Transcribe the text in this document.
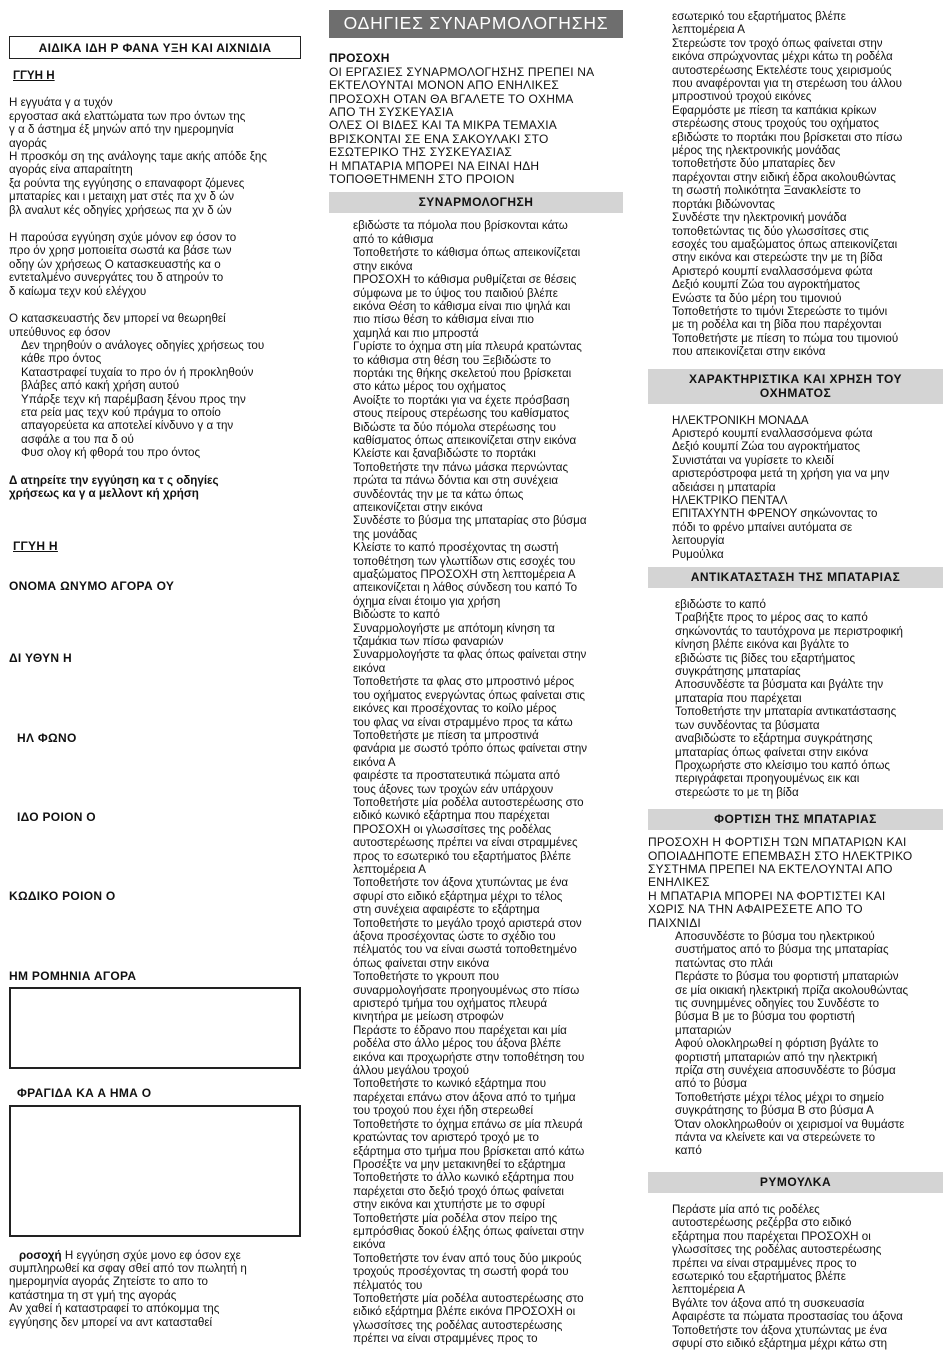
ΑΙΔΙΚΑ ΙΔΗ Ρ ΦΑΝΑ ΥΞΗ ΚΑΙ ΑΙΧΝΙΔΙΑ

ΓΓΥΗ Η

Η εγγυάτα γ α τυχόν
εργοστασ ακά ελαττώματα των προ όντων της
γ α δ άστημα έξ μηνών από την ημερομηνία
αγοράς
Η προσκόμ ση της ανάλογης ταμε ακής απόδε ξης
αγοράς είνα απαραίτητη
ξα ρούντα της εγγύησης ο επαναφορτ ζόμενες
μπαταρίες και ι μεταιχη ματ στές πα χν δ ών
βλ αναλυτ κές οδηγίες χρήσεως πα χν δ ών
Η παρούσα εγγύηση σχύε μόνον εφ όσον το
προ όν χρησ μοποιείτα σωστά κα βάσε των
οδηγ ών χρήσεως Ο κατασκευαστής κα ο
εντεταλμένο συνεργάτες του δ ατηρούν το
δ καίωμα τεχν κού ελέγχου
Ο κατασκευαστής δεν μπορεί να θεωρηθεί
υπεύθυνος εφ όσον
Δεν τηρηθούν ο ανάλογες οδηγίες χρήσεως του
κάθε προ όντος
Καταστραφεί τυχαία το προ όν ή προκληθούν
βλάβες από κακή χρήση αυτού
Υπάρξε τεχν κή παρέμβαση ξένου προς την
ετα ρεία μας τεχν κού πράγμα το οποίο
απαγορεύετα κα αποτελεί κίνδυνο γ α την
ασφάλε α του πα δ ού
Φυσ ολογ κή φθορά του προ όντος
Δ ατηρείτε την εγγύηση κα τ ς οδηγίες
χρήσεως κα γ α μελλοντ κή χρήση

ΓΓΥΗ Η

ΟΝΟΜΑ ΩΝΥΜΟ ΑΓΟΡΑ ΟΥ

ΔΙ ΥΘΥΝ Η

ΗΛ ΦΩΝΟ

ΙΔΟ ΡΟΙΟΝ Ο

ΚΩΔΙΚΟ ΡΟΙΟΝ Ο

ΗΜ ΡΟΜΗΝΙΑ ΑΓΟΡΑ

ΦΡΑΓΙΔΑ ΚΑ Α ΗΜΑ Ο

ροσοχή Η εγγύηση σχύε μονο εφ όσον εχε

συμπληρωθεί κα σφαγ σθεί από τον πωλητή η
ημερομηνία αγοράς Ζητείστε το απο το
κατάστημα τη στ γμή της αγοράς
Αν χαθεί ή καταστραφεί το απόκομμα της
εγγύησης δεν μπορεί να αντ κατασταθεί
ΟΔΗΓΙΕΣ ΣΥΝΑΡΜΟΛΟΓΗΣΗΣ

ΠΡΟΣΟΧΗ

ΟΙ ΕΡΓΑΣΙΕΣ ΣΥΝΑΡΜΟΛΟΓΗΣΗΣ ΠΡΕΠΕΙ ΝΑ
ΕΚΤΕΛΟΥΝΤΑΙ ΜΟΝΟΝ ΑΠΟ ΕΝΗΛΙΚΕΣ
ΠΡΟΣΟΧΗ ΟΤΑΝ ΘΑ ΒΓΑΛΕΤΕ ΤΟ ΟΧΗΜΑ
ΑΠΟ ΤΗ ΣΥΣΚΕΥΑΣΙΑ
ΟΛΕΣ ΟΙ ΒΙΔΕΣ ΚΑΙ ΤΑ ΜΙΚΡΑ ΤΕΜΑΧΙΑ
ΒΡΙΣΚΟΝΤΑΙ ΣΕ ΕΝΑ ΣΑΚΟΥΛΑΚΙ ΣΤΟ
ΕΣΩΤΕΡΙΚΟ ΤΗΣ ΣΥΣΚΕΥΑΣΙΑΣ
Η ΜΠΑΤΑΡΙΑ ΜΠΟΡΕΙ ΝΑ ΕΙΝΑΙ ΗΔΗ
ΤΟΠΟΘΕΤΗΜΕΝΗ ΣΤΟ ΠΡΟΙΟΝ
ΣΥΝΑΡΜΟΛΟΓΗΣΗ
εβιδώστε τα πόμολα που βρίσκονται κάτω
από το κάθισμα
Τοποθετήστε το κάθισμα όπως απεικονίζεται
στην εικόνα
ΠΡΟΣΟΧΗ το κάθισμα ρυθμίζεται σε θέσεις
σύμφωνα με το ύψος του παιδιού βλέπε
εικόνα Θέση το κάθισμα είναι πιο ψηλά και
πιο πίσω θέση το κάθισμα είναι πιο
χαμηλά και πιο μπροστά
Γυρίστε το όχημα στη μία πλευρά κρατώντας
το κάθισμα στη θέση του Ξεβιδώστε το
πορτάκι της θήκης σκελετού που βρίσκεται
στο κάτω μέρος του οχήματος
Ανοίξτε το πορτάκι για να έχετε πρόσβαση
στους πείρους στερέωσης του καθίσματος
Βιδώστε τα δύο πόμολα στερέωσης του
καθίσματος όπως απεικονίζεται στην εικόνα
Κλείστε και ξαναβιδώστε το πορτάκι
Τοποθετήστε την πάνω μάσκα περνώντας
πρώτα τα πάνω δόντια και στη συνέχεια
συνδέοντάς την με τα κάτω όπως
απεικονίζεται στην εικόνα
Συνδέστε το βύσμα της μπαταρίας στο βύσμα
της μονάδας
Κλείστε το καπό προσέχοντας τη σωστή
τοποθέτηση των γλωττίδων στις εσοχές του
αμαξώματος ΠΡΟΣΟΧΗ στη λεπτομέρεια Α
απεικονίζεται η λάθος σύνδεση του καπό Το
όχημα είναι έτοιμο για χρήση
Βιδώστε το καπό
Συναρμολογήστε με απότομη κίνηση τα
τζαμάκια των πίσω φαναριών
Συναρμολογήστε τα φλας όπως φαίνεται στην
εικόνα
Τοποθετήστε τα φλας στο μπροστινό μέρος
του οχήματος ενεργώντας όπως φαίνεται στις
εικόνες και προσέχοντας το κοίλο μέρος
του φλας να είναι στραμμένο προς τα κάτω
Τοποθετήστε με πίεση τα μπροστινά
φανάρια με σωστό τρόπο όπως φαίνεται στην
εικόνα Α
φαιρέστε τα προστατευτικά πώματα από
τους άξονες των τροχών εάν υπάρχουν
Τοποθετήστε μία ροδέλα αυτοστερέωσης στο
ειδικό κωνικό εξάρτημα που παρέχεται
ΠΡΟΣΟΧΗ οι γλωσσίτσες της ροδέλας
αυτοστερέωσης πρέπει να είναι στραμμένες
προς το εσωτερικό του εξαρτήματος βλέπε
λεπτομέρεια Α
Τοποθετήστε τον άξονα χτυπώντας με ένα
σφυρί στο ειδικό εξάρτημα μέχρι το τέλος
στη συνέχεια αφαιρέστε το εξάρτημα
Τοποθετήστε το μεγάλο τροχό αριστερά στον
άξονα προσέχοντας ώστε το σχέδιο του
πέλματός του να είναι σωστά τοποθετημένο
όπως φαίνεται στην εικόνα
Τοποθετήστε το γκρουπ που
συναρμολογήσατε προηγουμένως στο πίσω
αριστερό τμήμα του οχήματος πλευρά
κινητήρα με μείωση στροφών
Περάστε το έδρανο που παρέχεται και μία
ροδέλα στο άλλο μέρος του άξονα βλέπε
εικόνα και προχωρήστε στην τοποθέτηση του
άλλου μεγάλου τροχού
Τοποθετήστε το κωνικό εξάρτημα που
παρέχεται επάνω στον άξονα από το τμήμα
του τροχού που έχει ήδη στερεωθεί
Τοποθετήστε το όχημα επάνω σε μία πλευρά
κρατώντας τον αριστερό τροχό με το
εξάρτημα στο τμήμα που βρίσκεται από κάτω
Προσέξτε να μην μετακινηθεί το εξάρτημα
Τοποθετήστε το άλλο κωνικό εξάρτημα που
παρέχεται στο δεξιό τροχό όπως φαίνεται
στην εικόνα και χτυπήστε με το σφυρί
Τοποθετήστε μία ροδέλα στον πείρο της
εμπρόσθιας δοκού έλξης όπως φαίνεται στην
εικόνα
Τοποθετήστε τον έναν από τους δύο μικρούς
τροχούς προσέχοντας τη σωστή φορά του
πέλματός του
Τοποθετήστε μία ροδέλα αυτοστερέωσης στο
ειδικό εξάρτημα βλέπε εικόνα ΠΡΟΣΟΧΗ οι
γλωσσίτσες της ροδέλας αυτοστερέωσης
πρέπει να είναι στραμμένες προς το
εσωτερικό του εξαρτήματος βλέπε
λεπτομέρεια Α
Στερεώστε τον τροχό όπως φαίνεται στην
εικόνα σπρώχνοντας μέχρι κάτω τη ροδέλα
αυτοστερέωσης Εκτελέστε τους χειρισμούς
που αναφέρονται για τη στερέωση του άλλου
μπροστινού τροχού εικόνες
Εφαρμόστε με πίεση τα καπάκια κρίκων
στερέωσης στους τροχούς του οχήματος
εβιδώστε το πορτάκι που βρίσκεται στο πίσω
μέρος της ηλεκτρονικής μονάδας
τοποθετήστε δύο μπαταρίες δεν
παρέχονται στην ειδική έδρα ακολουθώντας
τη σωστή πολικότητα Ξανακλείστε το
πορτάκι βιδώνοντας
Συνδέστε την ηλεκτρονική μονάδα
τοποθετώντας τις δύο γλωσσίτσες στις
εσοχές του αμαξώματος όπως απεικονίζεται
στην εικόνα και στερεώστε την με τη βίδα
Αριστερό κουμπί εναλλασσόμενα φώτα
Δεξιό κουμπί Ζώα του αγροκτήματος
Ενώστε τα δύο μέρη του τιμονιού
Τοποθετήστε το τιμόνι Στερεώστε το τιμόνι
με τη ροδέλα και τη βίδα που παρέχονται
Τοποθετήστε με πίεση το πώμα του τιμονιού
που απεικονίζεται στην εικόνα
ΧΑΡΑΚΤΗΡΙΣΤΙΚΑ ΚΑΙ ΧΡΗΣΗ ΤΟΥ ΟΧΗΜΑΤΟΣ
ΗΛΕΚΤΡΟΝΙΚΗ ΜΟΝΑΔΑ
Αριστερό κουμπί εναλλασσόμενα φώτα
Δεξιό κουμπί Ζώα του αγροκτήματος
Συνιστάται να γυρίσετε το κλειδί
αριστερόστροφα μετά τη χρήση για να μην
αδειάσει η μπαταρία
ΗΛΕΚΤΡΙΚΟ ΠΕΝΤΑΛ
ΕΠΙΤΑΧΥΝΤΗ ΦΡΕΝΟΥ σηκώνοντας το
πόδι το φρένο μπαίνει αυτόματα σε
λειτουργία
Ρυμούλκα
ΑΝΤΙΚΑΤΑΣΤΑΣΗ ΤΗΣ ΜΠΑΤΑΡΙΑΣ
εβιδώστε το καπό
Τραβήξτε προς το μέρος σας το καπό
σηκώνοντάς το ταυτόχρονα με περιστροφική
κίνηση βλέπε εικόνα και βγάλτε το
εβιδώστε τις βίδες του εξαρτήματος
συγκράτησης μπαταρίας
Αποσυνδέστε τα βύσματα και βγάλτε την
μπαταρία που παρέχεται
Τοποθετήστε την μπαταρία αντικατάστασης
των συνδέοντας τα βύσματα
αναβιδώστε το εξάρτημα συγκράτησης
μπαταρίας όπως φαίνεται στην εικόνα
Προχωρήστε στο κλείσιμο του καπό όπως
περιγράφεται προηγουμένως εικ και
στερεώστε το με τη βίδα
ΦΟΡΤΙΣΗ ΤΗΣ ΜΠΑΤΑΡΙΑΣ
ΠΡΟΣΟΧΗ Η ΦΟΡΤΙΣΗ ΤΩΝ ΜΠΑΤΑΡΙΩΝ ΚΑΙ
ΟΠΟΙΑΔΗΠΟΤΕ ΕΠΕΜΒΑΣΗ ΣΤΟ ΗΛΕΚΤΡΙΚΟ
ΣΥΣΤΗΜΑ ΠΡΕΠΕΙ ΝΑ ΕΚΤΕΛΟΥΝΤΑΙ ΑΠΟ
ΕΝΗΛΙΚΕΣ
Η ΜΠΑΤΑΡΙΑ ΜΠΟΡΕΙ ΝΑ ΦΟΡΤΙΣΤΕΙ ΚΑΙ
ΧΩΡΙΣ ΝΑ ΤΗΝ ΑΦΑΙΡΕΣΕΤΕ ΑΠΟ ΤΟ
ΠΑΙΧΝΙΔΙ
Αποσυνδέστε το βύσμα του ηλεκτρικού
συστήματος από το βύσμα της μπαταρίας
πατώντας στο πλάι
Περάστε το βύσμα του φορτιστή μπαταριών
σε μία οικιακή ηλεκτρική πρίζα ακολουθώντας
τις συνημμένες οδηγίες του Συνδέστε το
βύσμα Β με το βύσμα του φορτιστή
μπαταριών
Αφού ολοκληρωθεί η φόρτιση βγάλτε το
φορτιστή μπαταριών από την ηλεκτρική
πρίζα στη συνέχεια αποσυνδέστε το βύσμα
από το βύσμα
Τοποθετήστε μέχρι τέλος μέχρι το σημείο
συγκράτησης το βύσμα Β στο βύσμα Α
Όταν ολοκληρωθούν οι χειρισμοί να θυμάστε
πάντα να κλείνετε και να στερεώνετε το
καπό
ΡΥΜΟΥΛΚΑ
Περάστε μία από τις ροδέλες
αυτοστερέωσης ρεζέρβα στο ειδικό
εξάρτημα που παρέχεται ΠΡΟΣΟΧΗ οι
γλωσσίτσες της ροδέλας αυτοστερέωσης
πρέπει να είναι στραμμένες προς το
εσωτερικό του εξαρτήματος βλέπε
λεπτομέρεια Α
Βγάλτε τον άξονα από τη συσκευασία
Αφαιρέστε τα πώματα προστασίας του άξονα
Τοποθετήστε τον άξονα χτυπώντας με ένα
σφυρί στο ειδικό εξάρτημα μέχρι κάτω στη
